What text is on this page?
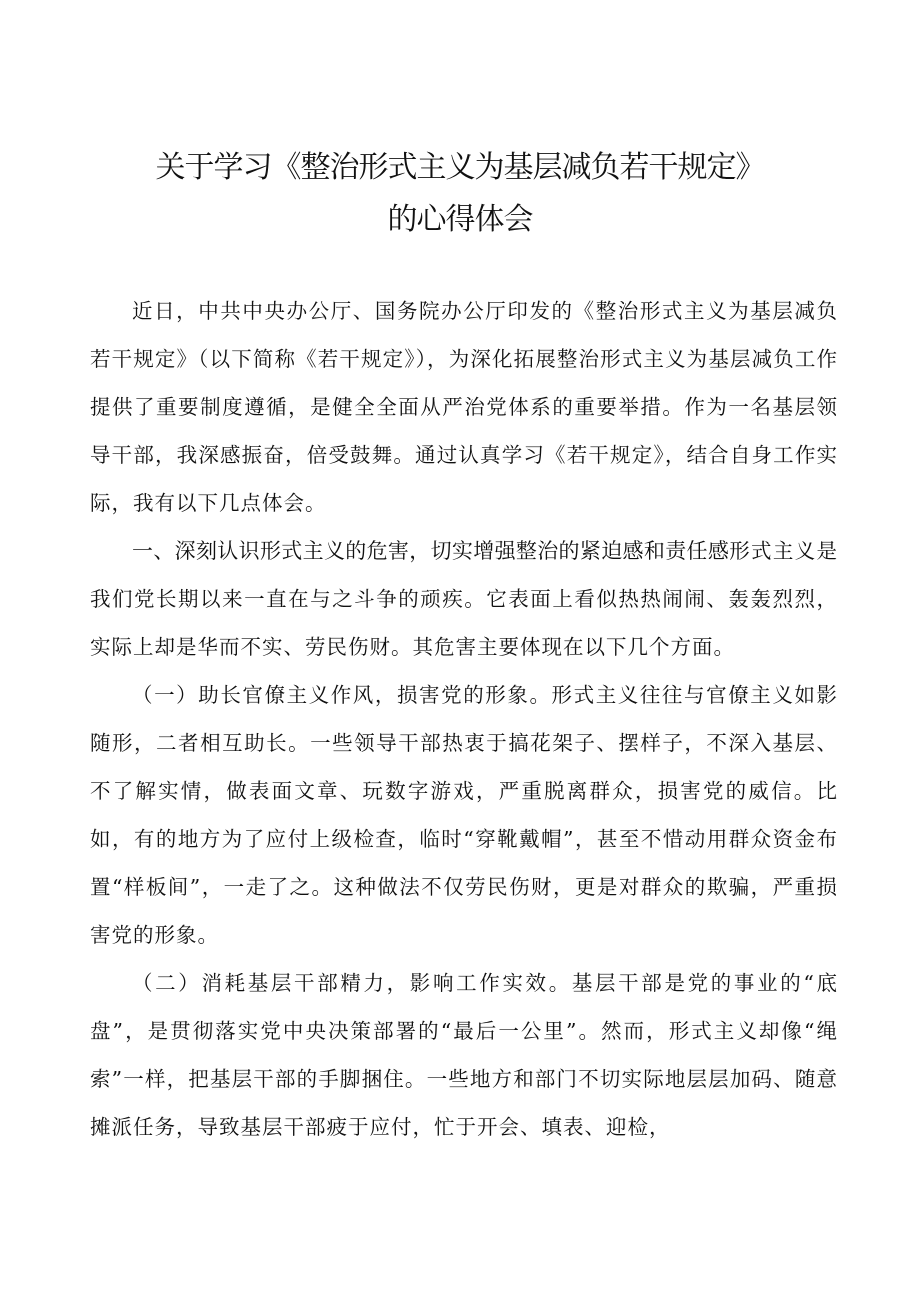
关于学习《整治形式主义为基层减负若干规定》
的心得体会

近日，中共中央办公厅、国务院办公厅印发的《整治形式主义为基层减负若干规定》（以下简称《若干规定》），为深化拓展整治形式主义为基层减负工作提供了重要制度遵循，是健全全面从严治党体系的重要举措。作为一名基层领导干部，我深感振奋，倍受鼓舞。通过认真学习《若干规定》，结合自身工作实际，我有以下几点体会。

一、深刻认识形式主义的危害，切实增强整治的紧迫感和责任感形式主义是我们党长期以来一直在与之斗争的顽疾。它表面上看似热热闹闹、轰轰烈烈，实际上却是华而不实、劳民伤财。其危害主要体现在以下几个方面。

（一）助长官僚主义作风，损害党的形象。形式主义往往与官僚主义如影随形，二者相互助长。一些领导干部热衷于搞花架子、摆样子，不深入基层、不了解实情，做表面文章、玩数字游戏，严重脱离群众，损害党的威信。比如，有的地方为了应付上级检查，临时“穿靴戴帽”，甚至不惜动用群众资金布置“样板间”，一走了之。这种做法不仅劳民伤财，更是对群众的欺骗，严重损害党的形象。

（二）消耗基层干部精力，影响工作实效。基层干部是党的事业的“底盘”，是贯彻落实党中央决策部署的“最后一公里”。然而，形式主义却像“绳索”一样，把基层干部的手脚捆住。一些地方和部门不切实际地层层加码、随意摊派任务，导致基层干部疲于应付，忙于开会、填表、迎检，
